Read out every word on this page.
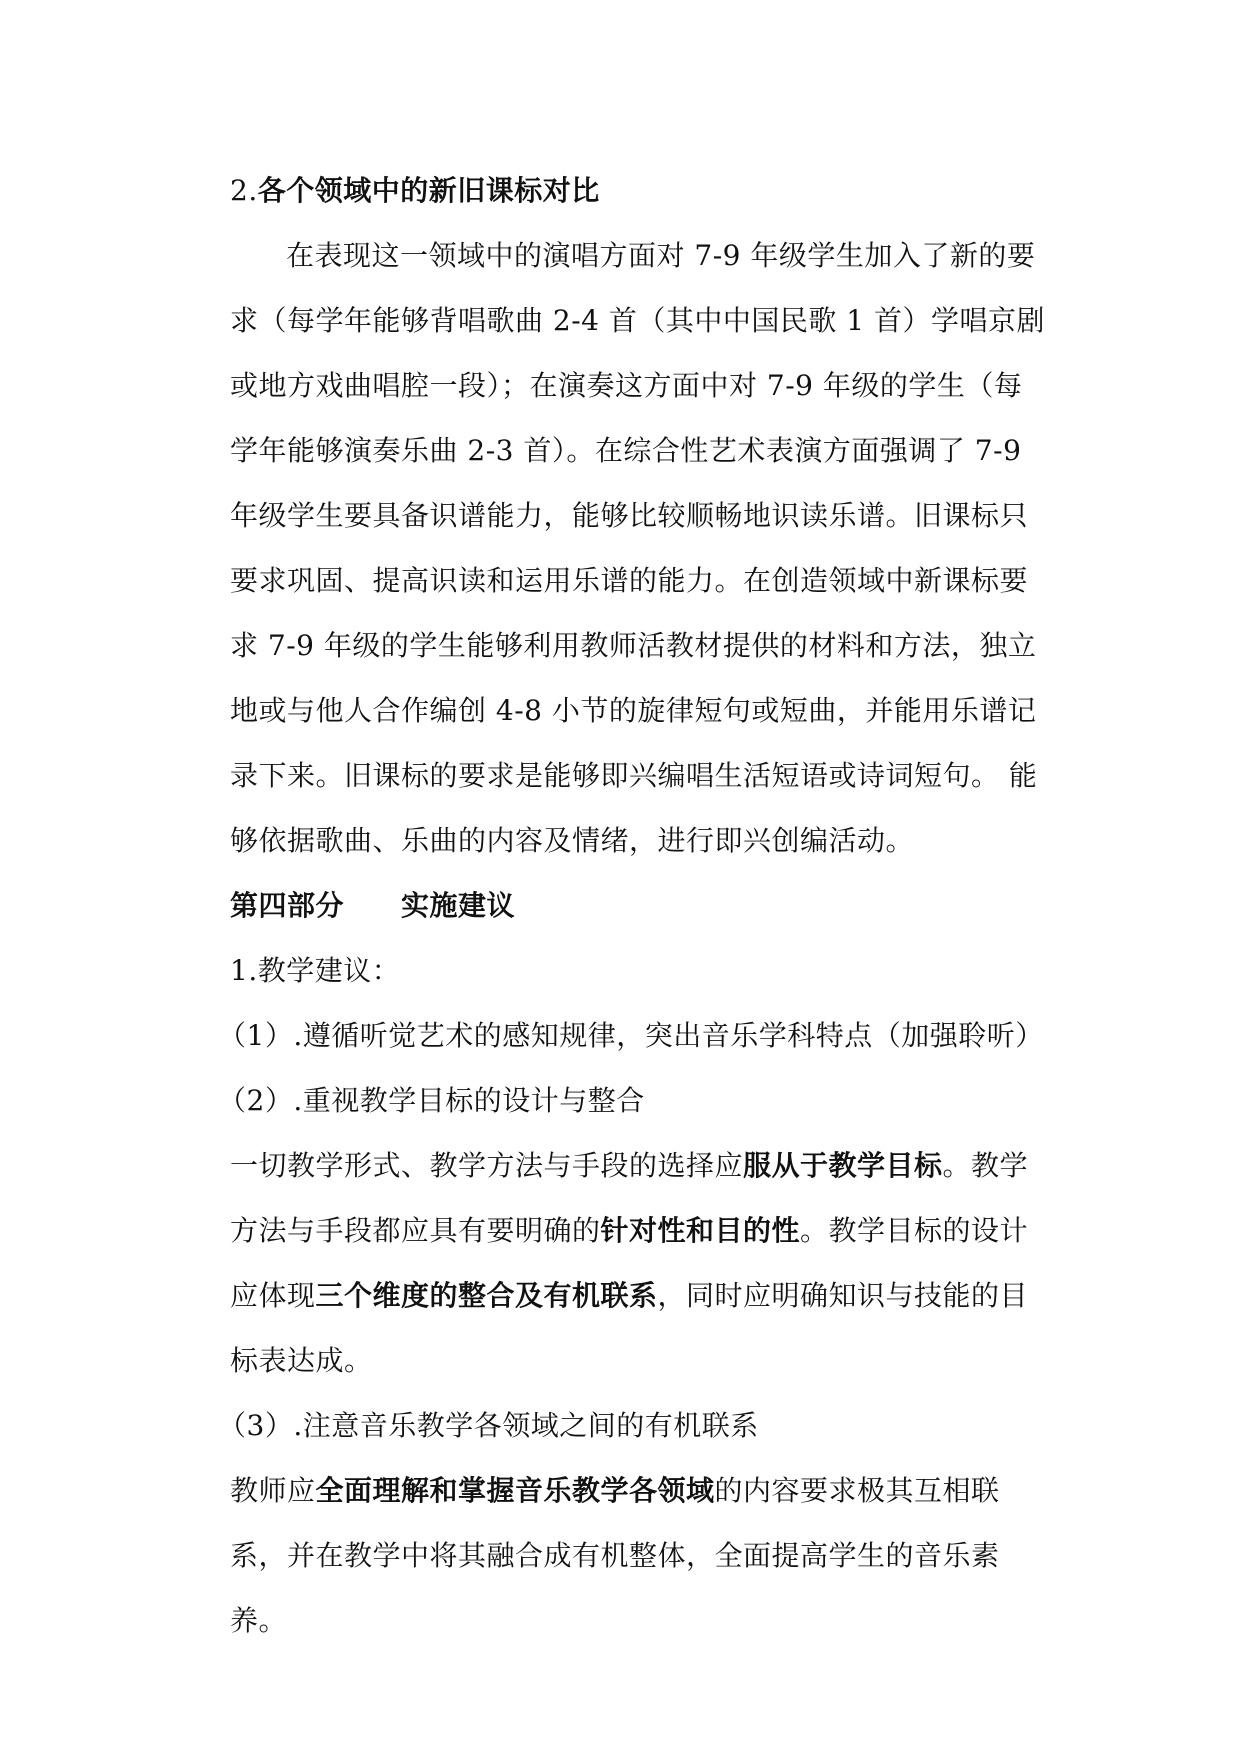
2.各个领域中的新旧课标对比

在表现这一领域中的演唱方面对 7-9 年级学生加入了新的要求（每学年能够背唱歌曲 2-4 首（其中中国民歌 1 首）学唱京剧或地方戏曲唱腔一段）；在演奏这方面中对 7-9 年级的学生（每学年能够演奏乐曲 2-3 首）。在综合性艺术表演方面强调了 7-9 年级学生要具备识谱能力，能够比较顺畅地识读乐谱。旧课标只要求巩固、提高识读和运用乐谱的能力。在创造领域中新课标要求 7-9 年级的学生能够利用教师活教材提供的材料和方法，独立地或与他人合作编创 4-8 小节的旋律短句或短曲，并能用乐谱记录下来。旧课标的要求是能够即兴编唱生活短语或诗词短句。 能够依据歌曲、乐曲的内容及情绪，进行即兴创编活动。

第四部分　　实施建议

1.教学建议：

（1）.遵循听觉艺术的感知规律，突出音乐学科特点（加强聆听）

（2）.重视教学目标的设计与整合

一切教学形式、教学方法与手段的选择应服从于教学目标。教学方法与手段都应具有要明确的针对性和目的性。教学目标的设计应体现三个维度的整合及有机联系，同时应明确知识与技能的目标表达成。

（3）.注意音乐教学各领域之间的有机联系

教师应全面理解和掌握音乐教学各领域的内容要求极其互相联系，并在教学中将其融合成有机整体，全面提高学生的音乐素养。
